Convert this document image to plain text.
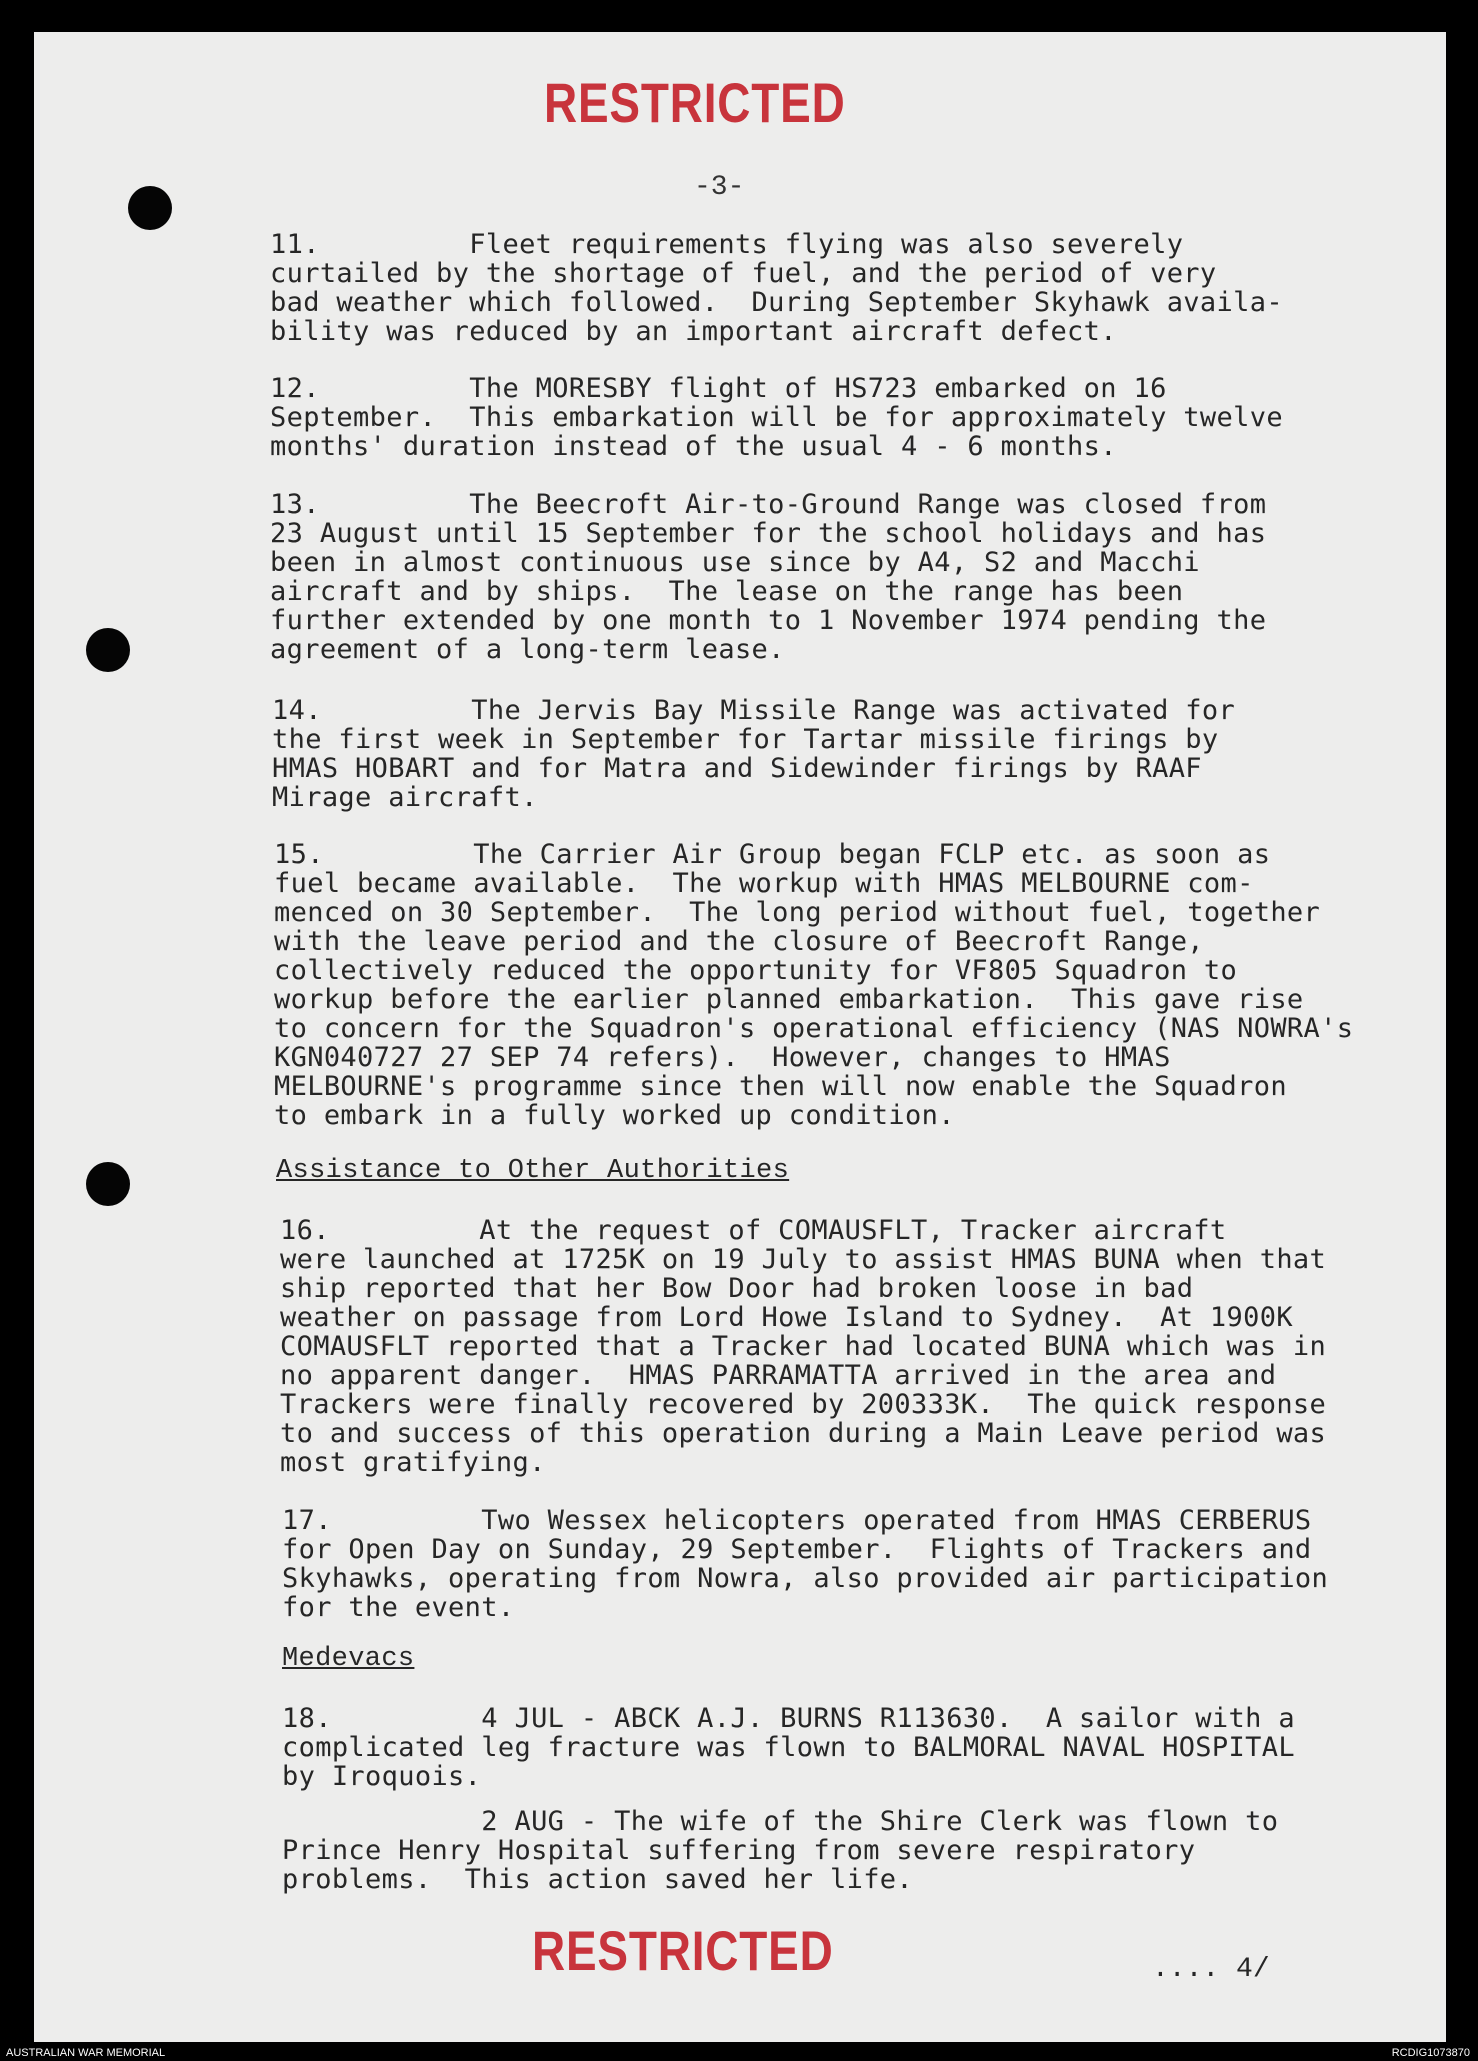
RESTRICTED
-3-
11.         Fleet requirements flying was also severely
curtailed by the shortage of fuel, and the period of very
bad weather which followed.  During September Skyhawk availa-
bility was reduced by an important aircraft defect.
12.         The MORESBY flight of HS723 embarked on 16
September.  This embarkation will be for approximately twelve
months' duration instead of the usual 4 - 6 months.
13.         The Beecroft Air-to-Ground Range was closed from
23 August until 15 September for the school holidays and has
been in almost continuous use since by A4, S2 and Macchi
aircraft and by ships.  The lease on the range has been
further extended by one month to 1 November 1974 pending the
agreement of a long-term lease.
14.         The Jervis Bay Missile Range was activated for
the first week in September for Tartar missile firings by
HMAS HOBART and for Matra and Sidewinder firings by RAAF
Mirage aircraft.
15.         The Carrier Air Group began FCLP etc. as soon as
fuel became available.  The workup with HMAS MELBOURNE com-
menced on 30 September.  The long period without fuel, together
with the leave period and the closure of Beecroft Range,
collectively reduced the opportunity for VF805 Squadron to
workup before the earlier planned embarkation.  This gave rise
to concern for the Squadron's operational efficiency (NAS NOWRA's
KGN040727 27 SEP 74 refers).  However, changes to HMAS
MELBOURNE's programme since then will now enable the Squadron
to embark in a fully worked up condition.
Assistance to Other Authorities
16.         At the request of COMAUSFLT, Tracker aircraft
were launched at 1725K on 19 July to assist HMAS BUNA when that
ship reported that her Bow Door had broken loose in bad
weather on passage from Lord Howe Island to Sydney.  At 1900K
COMAUSFLT reported that a Tracker had located BUNA which was in
no apparent danger.  HMAS PARRAMATTA arrived in the area and
Trackers were finally recovered by 200333K.  The quick response
to and success of this operation during a Main Leave period was
most gratifying.
17.         Two Wessex helicopters operated from HMAS CERBERUS
for Open Day on Sunday, 29 September.  Flights of Trackers and
Skyhawks, operating from Nowra, also provided air participation
for the event.
Medevacs
18.         4 JUL - ABCK A.J. BURNS R113630.  A sailor with a
complicated leg fracture was flown to BALMORAL NAVAL HOSPITAL
by Iroquois.
2 AUG - The wife of the Shire Clerk was flown to
Prince Henry Hospital suffering from severe respiratory
problems.  This action saved her life.
RESTRICTED	.... 4/
AUSTRALIAN WAR MEMORIAL	RCDIG1073870
